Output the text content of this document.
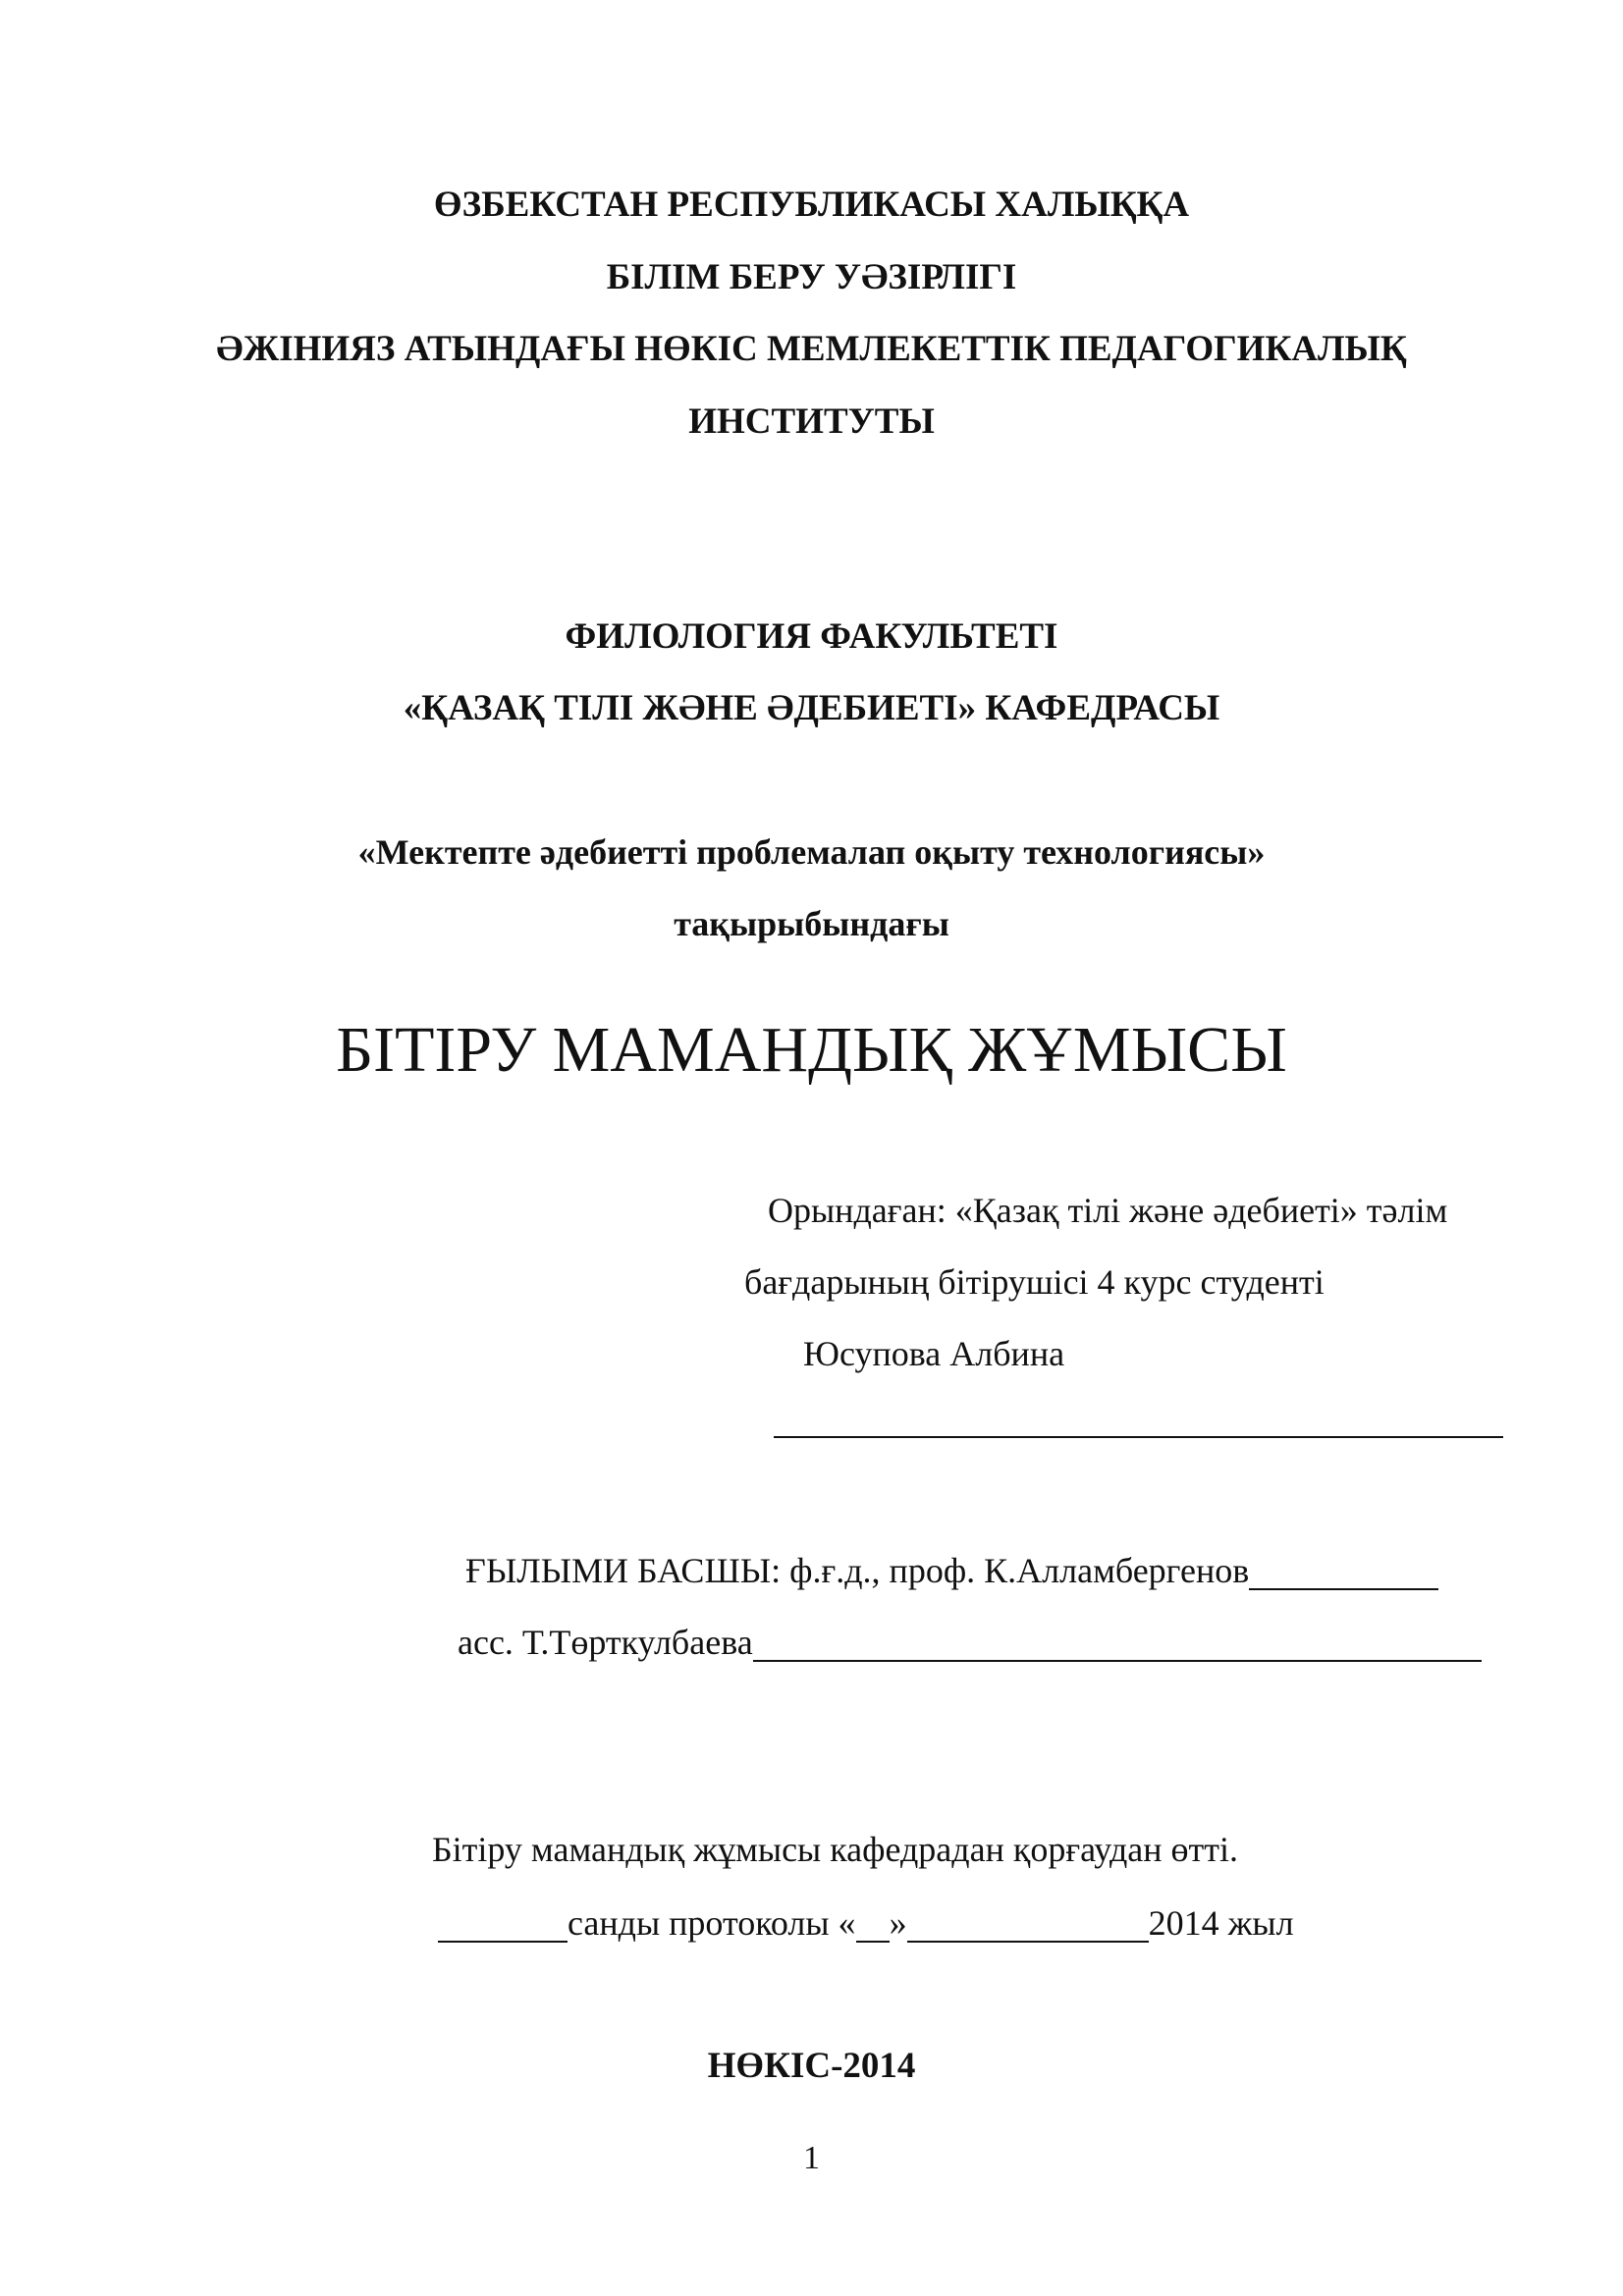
ӨЗБЕКСТАН РЕСПУБЛИКАСЫ ХАЛЫҚҚА
БІЛІМ БЕРУ УӘЗІРЛІГІ
ӘЖІНИЯЗ АТЫНДАҒЫ НӨКІС МЕМЛЕКЕТТІК ПЕДАГОГИКАЛЫҚ
ИНСТИТУТЫ
ФИЛОЛОГИЯ ФАКУЛЬТЕТІ
«ҚАЗАҚ ТІЛІ ЖӘНЕ ӘДЕБИЕТІ» КАФЕДРАСЫ
«Мектепте әдебиетті проблемалап оқыту технологиясы»
тақырыбындағы
БІТІРУ МАМАНДЫҚ ЖҰМЫСЫ
Орындаған: «Қазақ тілі және әдебиеті» тәлім
бағдарының бітірушісі 4 курс студенті
Юсупова Албина
ҒЫЛЫМИ БАСШЫ: ф.ғ.д., проф. К.Алламбергенов
асс. Т.Төрткулбаева
Бітіру мамандық жұмысы кафедрадан қорғаудан өтті.
санды протоколы « »	2014 жыл
НӨКІС-2014
1
